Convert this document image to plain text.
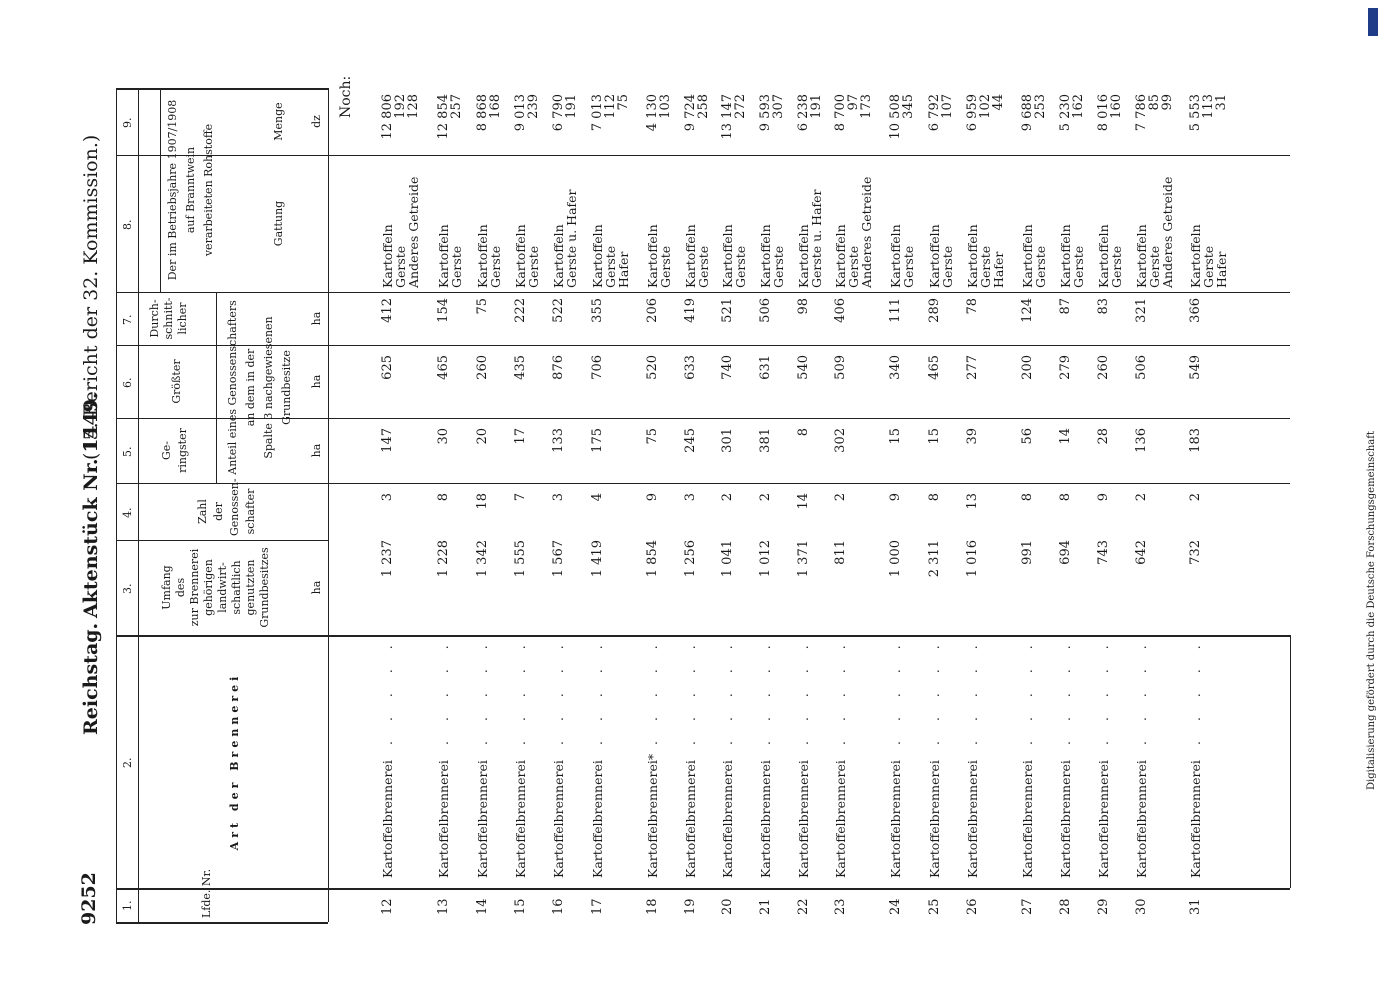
9252
Reichstag.
Aktenstück Nr. 1449.
(15. Bericht der 32. Kommission.)
Noch:
Digitalisierung gefördert durch die Deutsche Forschungsgemeinschaft
1.
2.
3.
4.
5.
6.
7.
8.
9.
Lfde. Nr.
Art der Brennerei
Umfang des zur Brennerei gehörigen landwirt- schaftlich genutzten Grundbesitzes
Zahl der Genossen- schafter
Ge- ringster
Größter
Durch- schnitt- licher	Anteil eines Genossenschafters an dem in der Spalte 3 nachgewiesenen Grundbesitze
Der im Betriebsjahre 1907/1908 auf Branntwein verarbeiteten Rohstoffe	Gattung
Menge
ha
ha
ha
ha
dz
12
Kartoffelbrennerei
. . . . .
1 237
3
147
625
412
Kartoffeln
Gerste
Anderes Getreide
12 806
192
128
13
Kartoffelbrennerei
. . . . .
1 228
8
30
465
154
Kartoffeln
Gerste
12 854
257
14
Kartoffelbrennerei
. . . . .
1 342
18
20
260
75
Kartoffeln
Gerste
8 868
168
15
Kartoffelbrennerei
. . . . .
1 555
7
17
435
222
Kartoffeln
Gerste
9 013
239
16
Kartoffelbrennerei
. . . . .
1 567
3
133
876
522
Kartoffeln
Gerste u. Hafer
6 790
191
17
Kartoffelbrennerei
. . . . .
1 419
4
175
706
355
Kartoffeln
Gerste
Hafer
7 013
112
75
18
Kartoffelbrennerei*
. . . . .
1 854
9
75
520
206
Kartoffeln
Gerste
4 130
103
19
Kartoffelbrennerei
. . . . .
1 256
3
245
633
419
Kartoffeln
Gerste
9 724
258
20
Kartoffelbrennerei
. . . . .
1 041
2
301
740
521
Kartoffeln
Gerste
13 147
272
21
Kartoffelbrennerei
. . . . .
1 012
2
381
631
506
Kartoffeln
Gerste
9 593
307
22
Kartoffelbrennerei
. . . . .
1 371
14
8
540
98
Kartoffeln
Gerste u. Hafer
6 238
191
23
Kartoffelbrennerei
. . . . .
811
2
302
509
406
Kartoffeln
Gerste
Anderes Getreide
8 700
97
173
24
Kartoffelbrennerei
. . . . .
1 000
9
15
340
111
Kartoffeln
Gerste
10 508
345
25
Kartoffelbrennerei
. . . . .
2 311
8
15
465
289
Kartoffeln
Gerste
6 792
107
26
Kartoffelbrennerei
. . . . .
1 016
13
39
277
78
Kartoffeln
Gerste
Hafer
6 959
102
44
27
Kartoffelbrennerei
. . . . .
991
8
56
200
124
Kartoffeln
Gerste
9 688
253
28
Kartoffelbrennerei
. . . . .
694
8
14
279
87
Kartoffeln
Gerste
5 230
162
29
Kartoffelbrennerei
. . . . .
743
9
28
260
83
Kartoffeln
Gerste
8 016
160
30
Kartoffelbrennerei
. . . . .
642
2
136
506
321
Kartoffeln
Gerste
Anderes Getreide
7 786
85
99
31
Kartoffelbrennerei
. . . . .
732
2
183
549
366
Kartoffeln
Gerste
Hafer
5 553
113
31
